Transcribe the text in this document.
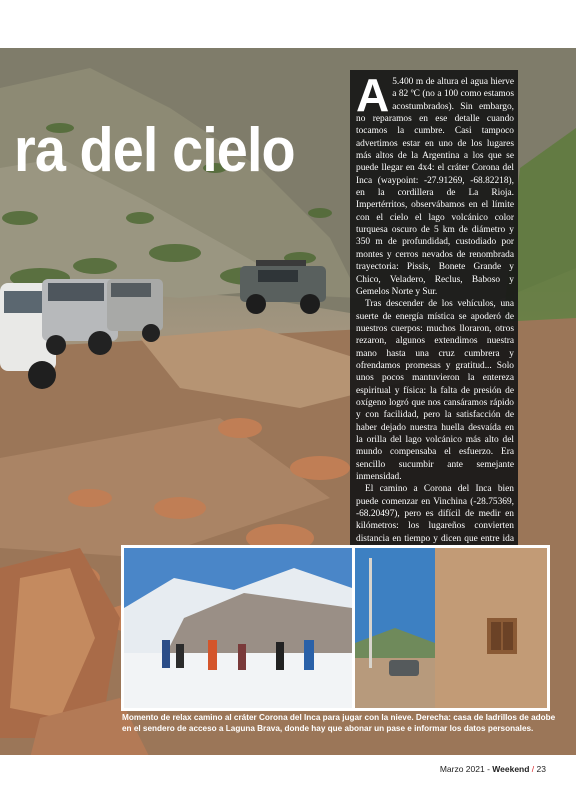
ra del cielo

A 5.400 m de altura el agua hierve a 82 ºC (no a 100 como estamos acostumbrados). Sin embargo, no reparamos en ese detalle cuando tocamos la cumbre. Casi tampoco advertimos estar en uno de los lugares más altos de la Argentina a los que se puede llegar en 4x4: el cráter Corona del Inca (waypoint: -27.91269, -68.82218), en la cordillera de La Rioja. Impertérritos, observábamos en el límite con el cielo el lago volcánico color turquesa oscuro de 5 km de diámetro y 350 m de profundidad, custodiado por montes y cerros nevados de renombrada trayectoria: Pissis, Bonete Grande y Chico, Veladero, Reclus, Baboso y Gemelos Norte y Sur.

Tras descender de los vehículos, una suerte de energía mística se apoderó de nuestros cuerpos: muchos lloraron, otros rezaron, algunos extendimos nuestra mano hasta una cruz cumbrera y ofrendamos promesas y gratitud... Solo unos pocos mantuvieron la entereza espiritual y física: la falta de presión de oxígeno logró que nos cansáramos rápido y con facilidad, pero la satisfacción de haber dejado nuestra huella desvaída en la orilla del lago volcánico más alto del mundo compensaba el esfuerzo. Era sencillo sucumbir ante semejante inmensidad.

El camino a Corona del Inca bien puede comenzar en Vinchina (-28.75369, -68.20497), pero es difícil de medir en kilómetros: los lugareños convierten distancia en tiempo y dicen que entre ida

Momento de relax camino al cráter Corona del Inca para jugar con la nieve. Derecha: casa de ladrillos de adobe en el sendero de acceso a Laguna Brava, donde hay que abonar un pase e informar los datos personales.

Marzo 2021 - Weekend / 23
